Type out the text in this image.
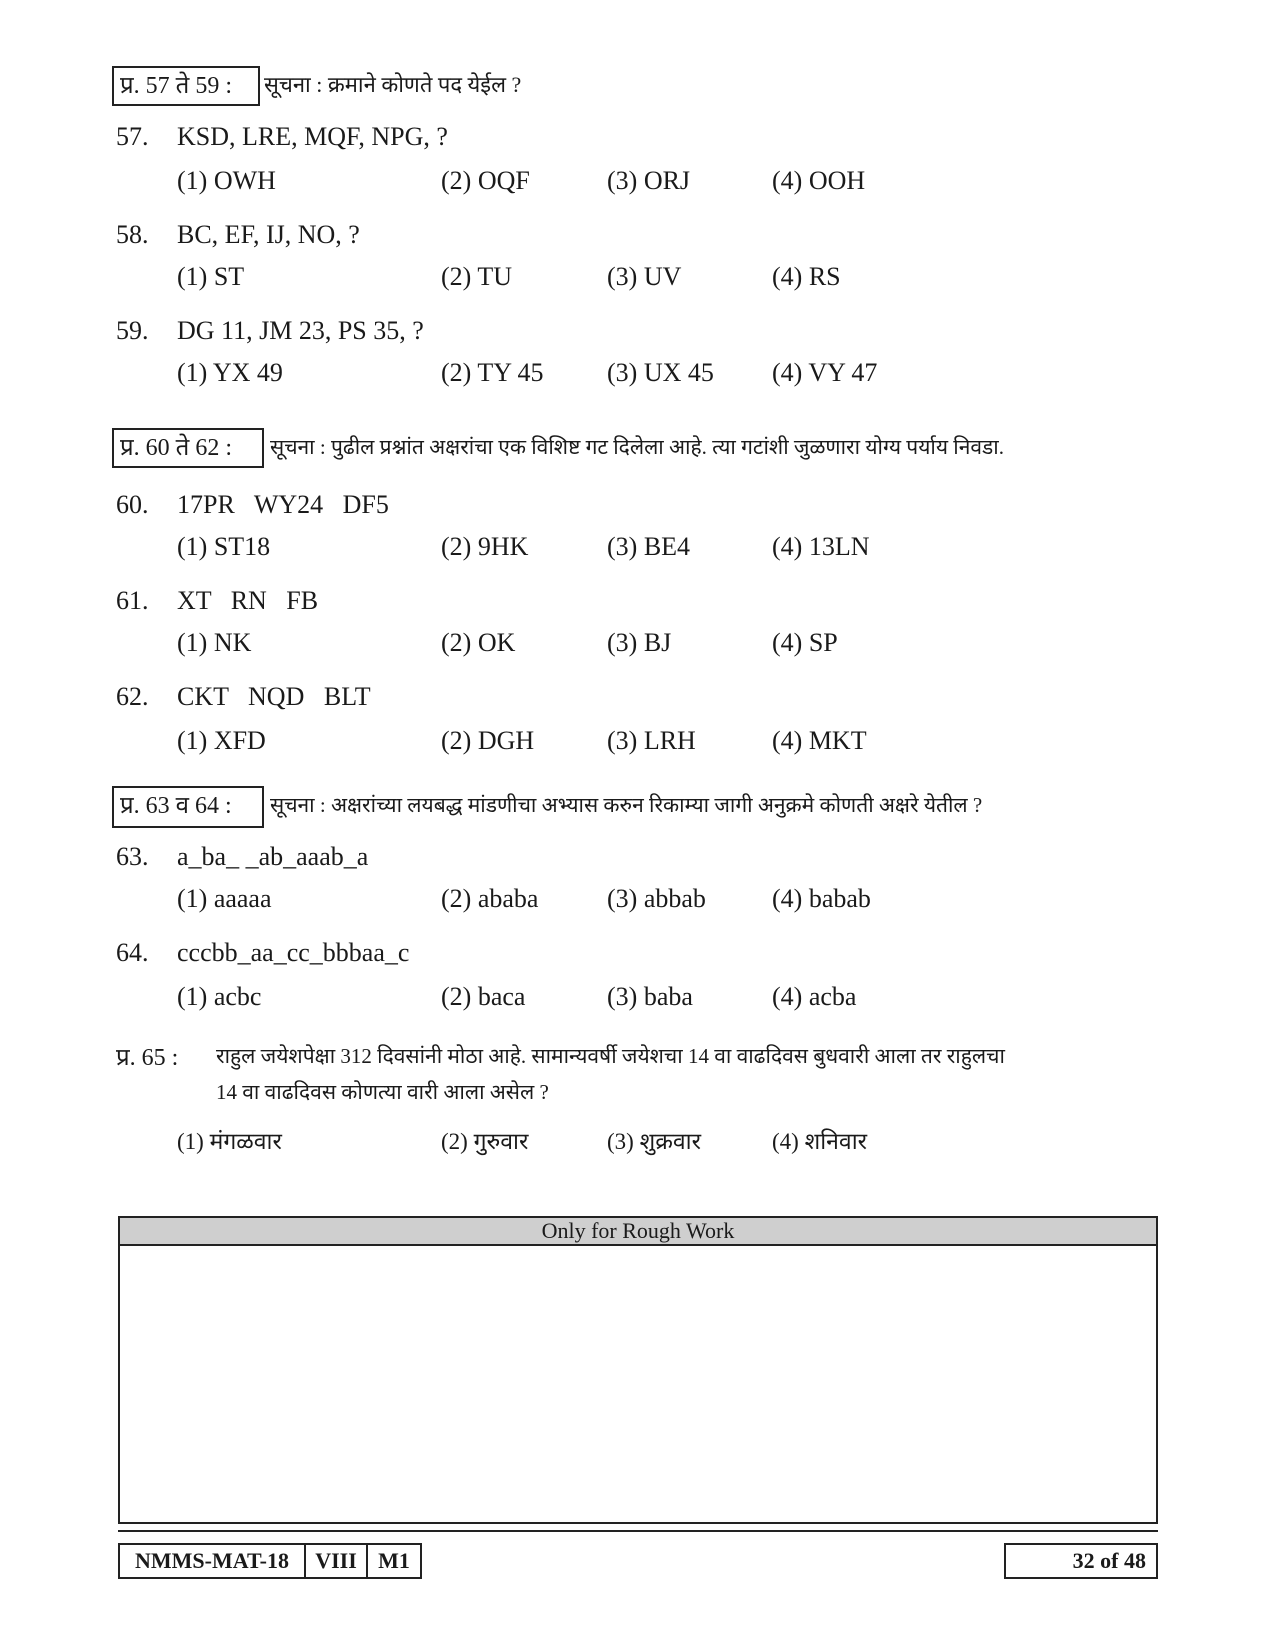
प्र. 57 ते 59 :	सूचना : क्रमाने कोणते पद येईल ?
57. KSD, LRE, MQF, NPG, ?
(1) OWH	(2) OQF	(3) ORJ	(4) OOH
58. BC, EF, IJ, NO, ?
(1) ST	(2) TU	(3) UV	(4) RS
59. DG 11, JM 23, PS 35, ?
(1) YX 49	(2) TY 45 (3) UX 45 (4) VY 47
प्र. 60 ते 62 :	सूचना : पुढील प्रश्नांत अक्षरांचा एक विशिष्ट गट दिलेला आहे. त्या गटांशी जुळणारा योग्य पर्याय निवडा.
60. 17PR   WY24   DF5
(1) ST18	(2) 9HK	(3) BE4	(4) 13LN
61. XT   RN   FB
(1) NK	(2) OK	(3) BJ	(4) SP
62. CKT   NQD   BLT
(1) XFD	(2) DGH	(3) LRH	(4) MKT
प्र. 63 व 64 :	सूचना : अक्षरांच्या लयबद्ध मांडणीचा अभ्यास करुन रिकाम्या जागी अनुक्रमे कोणती अक्षरे येतील ?
63. a_ba_ _ab_aaab_a
(1) aaaaa	(2) ababa	(3) abbab	(4) babab
64. cccbb_aa_cc_bbbaa_c
(1) acbc	(2) baca	(3) baba	(4) acba
प्र. 65 : राहुल जयेशपेक्षा 312 दिवसांनी मोठा आहे. सामान्यवर्षी जयेशचा 14 वा वाढदिवस बुधवारी आला तर राहुलचा
14 वा वाढदिवस कोणत्या वारी आला असेल ?
(1) मंगळवार	(2) गुरुवार	(3) शुक्रवार	(4) शनिवार
Only for Rough Work
NMMS-MAT-18	VIII M1	32 of 48
